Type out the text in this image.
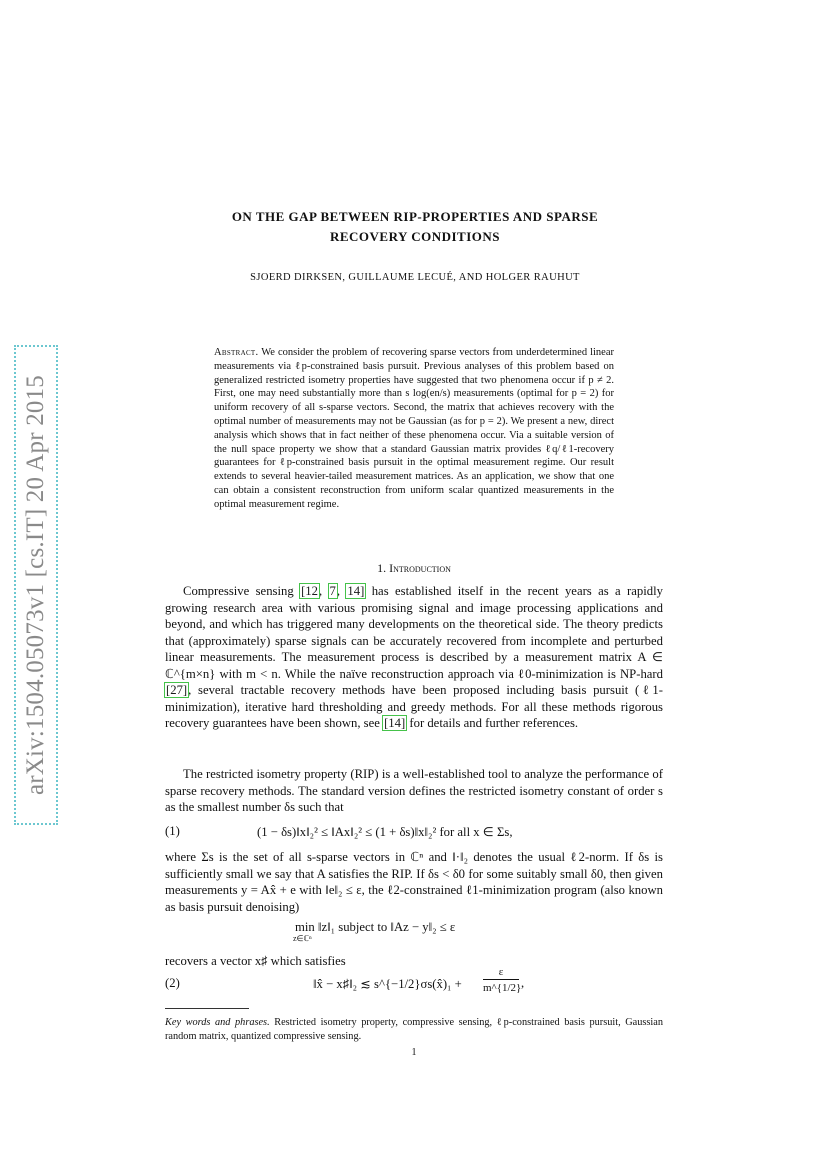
arXiv:1504.05073v1 [cs.IT] 20 Apr 2015
ON THE GAP BETWEEN RIP-PROPERTIES AND SPARSE
RECOVERY CONDITIONS
SJOERD DIRKSEN, GUILLAUME LECUÉ, AND HOLGER RAUHUT
Abstract. We consider the problem of recovering sparse vectors from underdetermined linear measurements via ℓp-constrained basis pursuit. Previous analyses of this problem based on generalized restricted isometry properties have suggested that two phenomena occur if p ≠ 2. First, one may need substantially more than s log(en/s) measurements (optimal for p = 2) for uniform recovery of all s-sparse vectors. Second, the matrix that achieves recovery with the optimal number of measurements may not be Gaussian (as for p = 2). We present a new, direct analysis which shows that in fact neither of these phenomena occur. Via a suitable version of the null space property we show that a standard Gaussian matrix provides ℓq/ℓ1-recovery guarantees for ℓp-constrained basis pursuit in the optimal measurement regime. Our result extends to several heavier-tailed measurement matrices. As an application, we show that one can obtain a consistent reconstruction from uniform scalar quantized measurements in the optimal measurement regime.
1. Introduction

Compressive sensing [12, 7, 14] has established itself in the recent years as a rapidly growing research area with various promising signal and image processing applications and beyond, and which has triggered many developments on the theoretical side. The theory predicts that (approximately) sparse signals can be accurately recovered from incomplete and perturbed linear measurements. The measurement process is described by a measurement matrix A ∈ ℂ^{m×n} with m < n. While the naïve reconstruction approach via ℓ0-minimization is NP-hard [27], several tractable recovery methods have been proposed including basis pursuit (ℓ1-minimization), iterative hard thresholding and greedy methods. For all these methods rigorous recovery guarantees have been shown, see [14] for details and further references.

The restricted isometry property (RIP) is a well-established tool to analyze the performance of sparse recovery methods. The standard version defines the restricted isometry constant of order s as the smallest number δs such that

(1)	(1 − δs)‖x‖₂² ≤ ‖Ax‖₂² ≤ (1 + δs)‖x‖₂² for all x ∈ Σs,

where Σs is the set of all s-sparse vectors in ℂⁿ and ‖·‖₂ denotes the usual ℓ2-norm. If δs is sufficiently small we say that A satisfies the RIP. If δs < δ0 for some suitably small δ0, then given measurements y = Ax̂ + e with ‖e‖₂ ≤ ε, the ℓ2-constrained ℓ1-minimization program (also known as basis pursuit denoising)

min ‖z‖₁ subject to ‖Az − y‖₂ ≤ ε
z∈ℂⁿ

recovers a vector x♯ which satisfies

(2)	‖x̂ − x♯‖₂ ≲ s^{−1/2}σs(x̂)₁ +
ε
m^{1/2} ,
Key words and phrases. Restricted isometry property, compressive sensing, ℓp-constrained basis pursuit, Gaussian random matrix, quantized compressive sensing.
1
